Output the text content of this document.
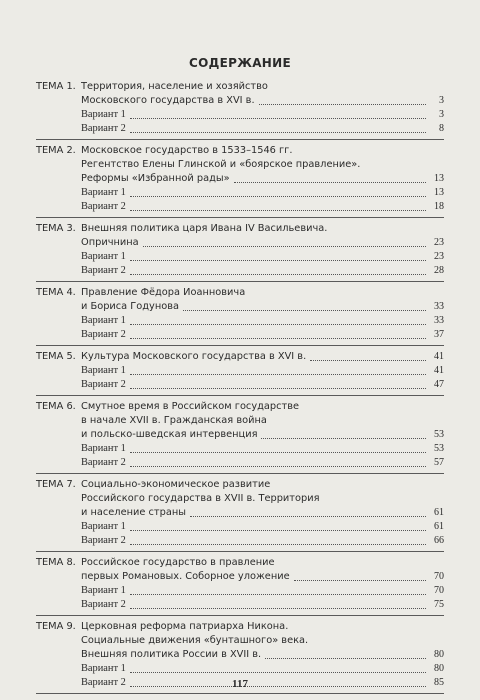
СОДЕРЖАНИЕ
ТЕМА 1. Территория, население и хозяйство
Московского государства в XVI в.	3
Вариант 1	3
Вариант 2	8
ТЕМА 2. Московское государство в 1533–1546 гг.
Регентство Елены Глинской и «боярское правление».
Реформы «Избранной рады»	13
Вариант 1	13
Вариант 2	18
ТЕМА 3. Внешняя политика царя Ивана IV Васильевича.
Опричнина	23
Вариант 1	23
Вариант 2	28
ТЕМА 4. Правление Фёдора Иоанновича
и Бориса Годунова	33
Вариант 1	33
Вариант 2	37
ТЕМА 5. Культура Московского государства в XVI в.	41
Вариант 1	41
Вариант 2	47
ТЕМА 6. Смутное время в Российском государстве
в начале XVII в. Гражданская война
и польско-шведская интервенция	53
Вариант 1	53
Вариант 2	57
ТЕМА 7. Социально-экономическое развитие
Российского государства в XVII в. Территория
и население страны	61
Вариант 1	61
Вариант 2	66
ТЕМА 8. Российское государство в правление
первых Романовых. Соборное уложение	70
Вариант 1	70
Вариант 2	75
ТЕМА 9. Церковная реформа патриарха Никона.
Социальные движения «бунташного» века.
Внешняя политика России в XVII в.	80
Вариант 1	80
Вариант 2	85
117
